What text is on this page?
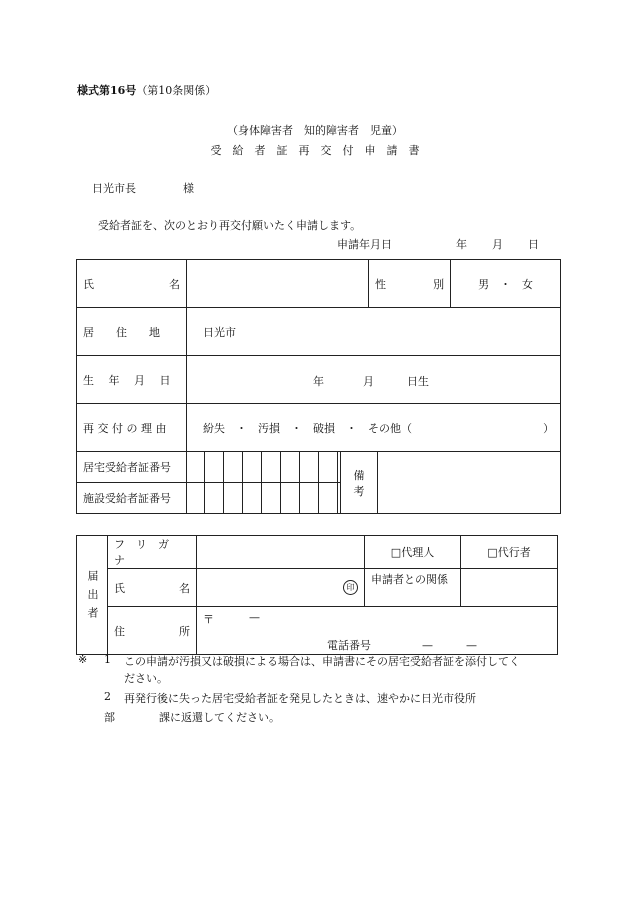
様式第16号（第10条関係）
（身体障害者　知的障害者　児童）
受　給　者　証　再　交　付　申　請　書
日光市長	様
受給者証を、次のとおり再交付願いたく申請します。
申請年月日	年 月 日
氏 名											性 別		男　・　女
居　　住　　地	日光市												
生　 年　 月　 日	年 月 日生												

再 交 付 の 理 由	紛失　・　汚損　・　破損　・　その他（ ）												

居宅受給者証番号										備　考			
施設受給者証番号													
届 出 者	フ　リ　ガ　ナ		□代理人	□代行者

	氏 名	印	申請者との関係	

	住 所	〒 —
電話番号 —　　　—		
※ 1 この申請が汚損又は破損による場合は、申請書にその居宅受給者証を添付してく
ださい。
2 再発行後に失った居宅受給者証を発見したときは、速やかに日光市役所
部　　　　課に返還してください。
